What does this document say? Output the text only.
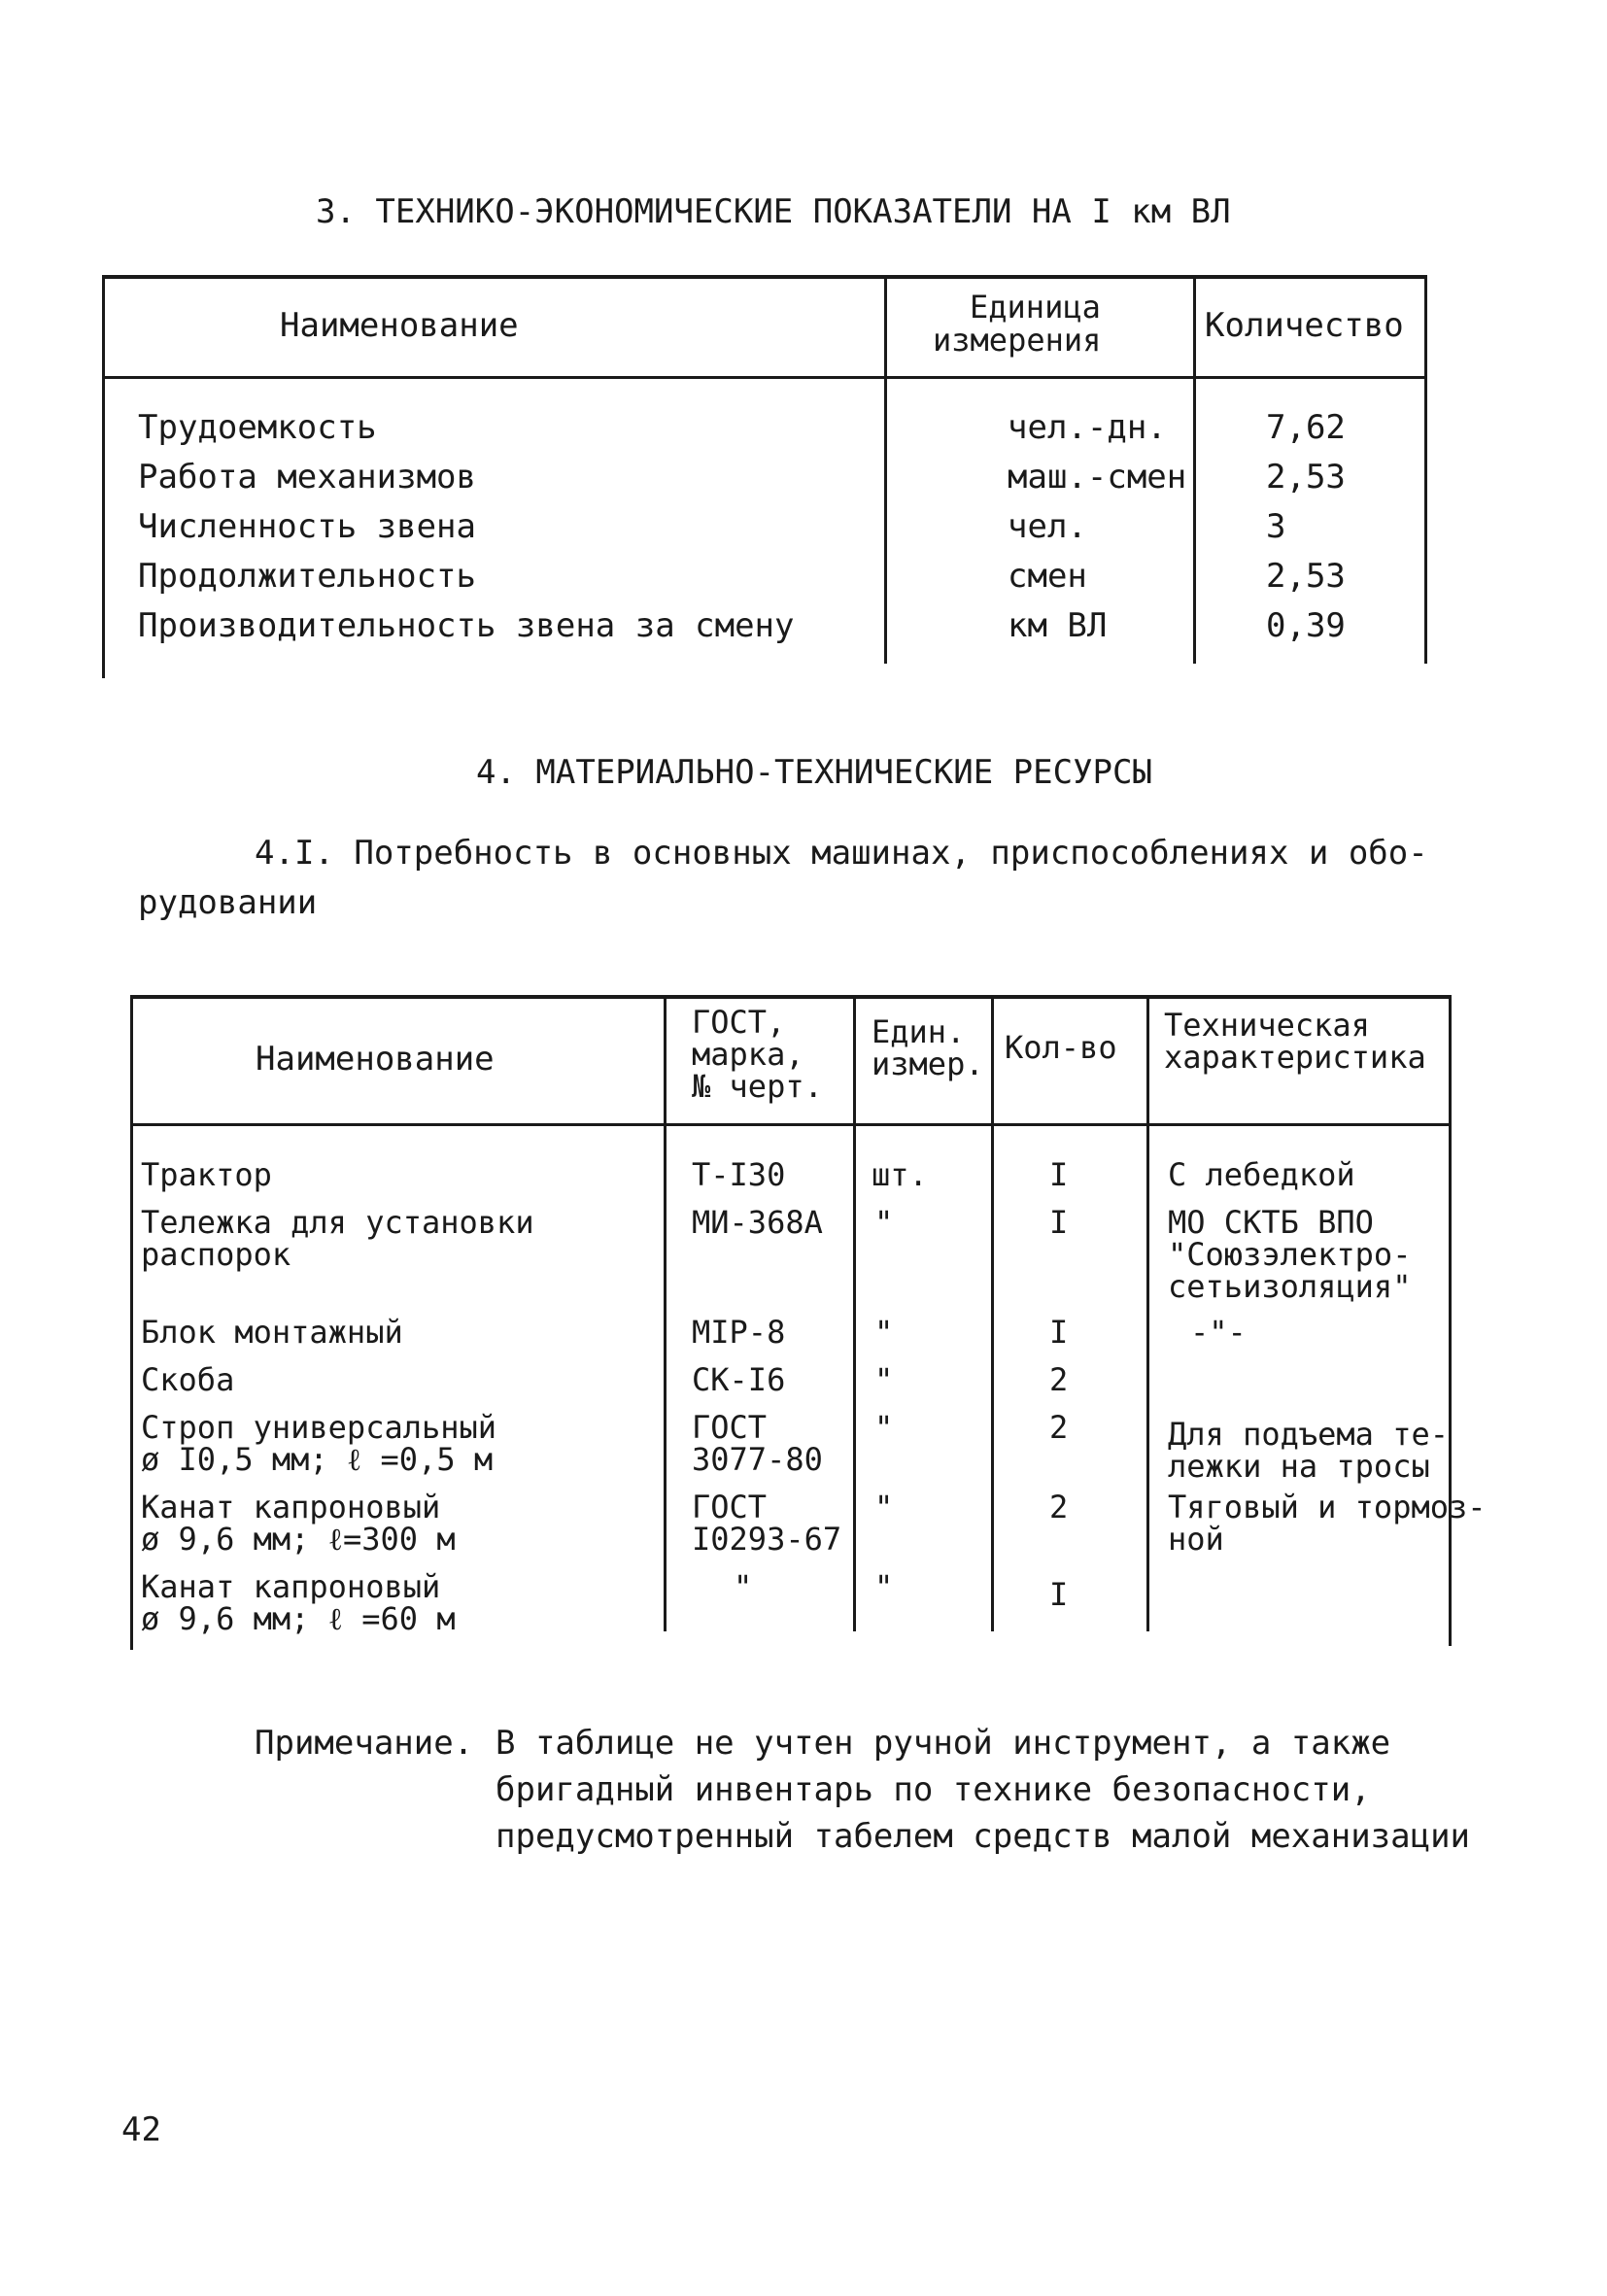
3. ТЕХНИКО-ЭКОНОМИЧЕСКИЕ ПОКАЗАТЕЛИ НА I км ВЛ
Наименование	Единица
измерения	Количество
Трудоемкость	чел.-дн.	7,62
Работа механизмов	маш.-смен 2,53
Численность звена	чел.	3
Продолжительность	смен	2,53
Производительность звена за смену	км ВЛ	0,39
4. МАТЕРИАЛЬНО-ТЕХНИЧЕСКИЕ РЕСУРСЫ
4.I. Потребность в основных машинах, приспособлениях и обо-
рудовании
Наименование
ГОСТ,
марка,
№ черт.
Един.
измер. Кол-во
Техническая
характеристика
Трактор	Т-I30	шт.	I	С лебедкой
Тележка для установки
распорок
МИ-368А "	I	МО СКТБ ВПО
"Союзэлектро-
сетьизоляция"
Блок монтажный	МIР-8	"	I	-"-
Скоба	СК-I6	"	2
Строп универсальный
ø I0,5 мм; ℓ =0,5 м
ГОСТ
3077-80
"	2	Для подъема те-
лежки на тросы
Канат капроновый
ø 9,6 мм; ℓ=300 м
ГОСТ
I0293-67
"	2	Тяговый и тормоз-
ной
Канат капроновый
ø 9,6 мм; ℓ =60 м
"	"	I
Примечание. В таблице не учтен ручной инструмент, а также
бригадный инвентарь по технике безопасности,
предусмотренный табелем средств малой механизации
42
